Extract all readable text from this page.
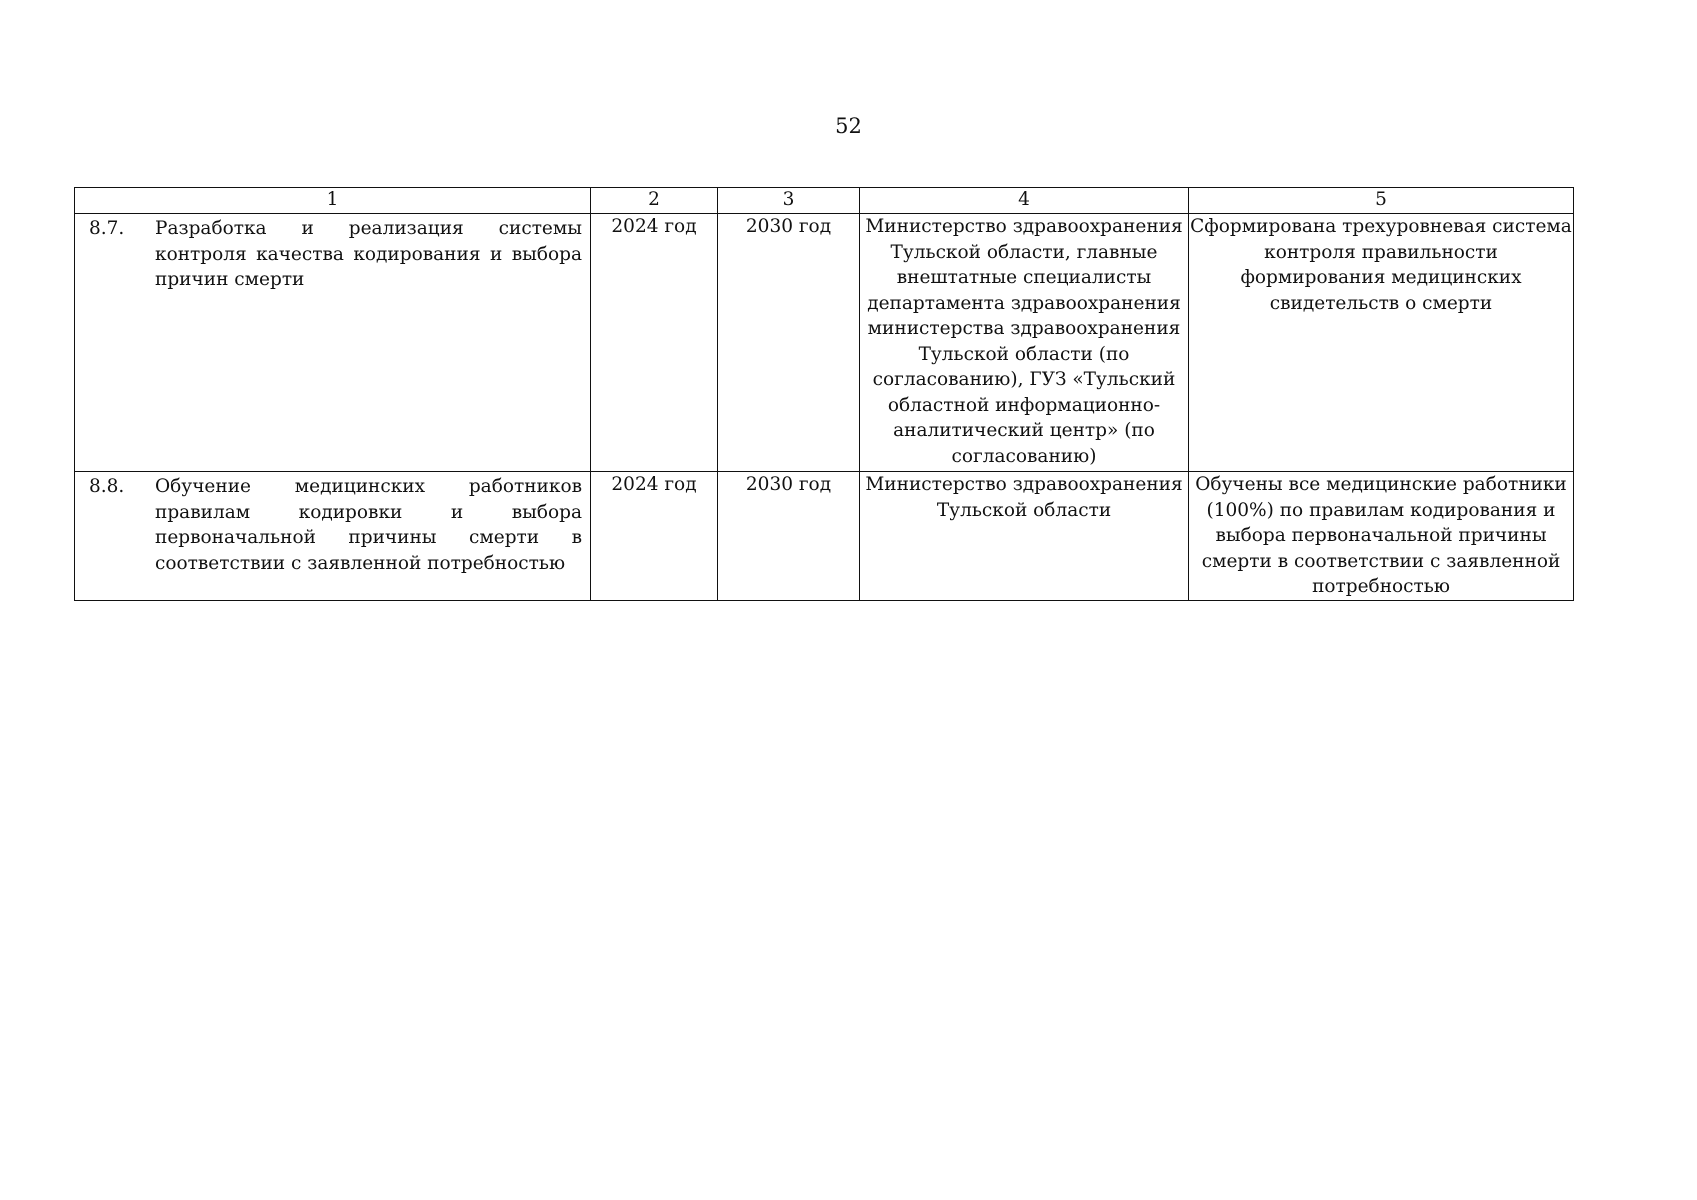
52
1	2	3	4	5

8.7. Разработка и реализация системы контроля качества кодирования и выбора причин смерти	2024 год	2030 год	Министерство здравоохранения Тульской области, главные внештатные специалисты департамента здравоохранения министерства здравоохранения Тульской области (по согласованию), ГУЗ «Тульский областной информационно-аналитический центр» (по согласованию)	Сформирована трехуровневая система контроля правильности формирования медицинских свидетельств о смерти

8.8. Обучение медицинских работников правилам кодировки и выбора первоначальной причины смерти в соответствии с заявленной потребностью	2024 год	2030 год	Министерство здравоохранения Тульской области	Обучены все медицинские работники (100%) по правилам кодирования и выбора первоначальной причины смерти в соответствии с заявленной потребностью
